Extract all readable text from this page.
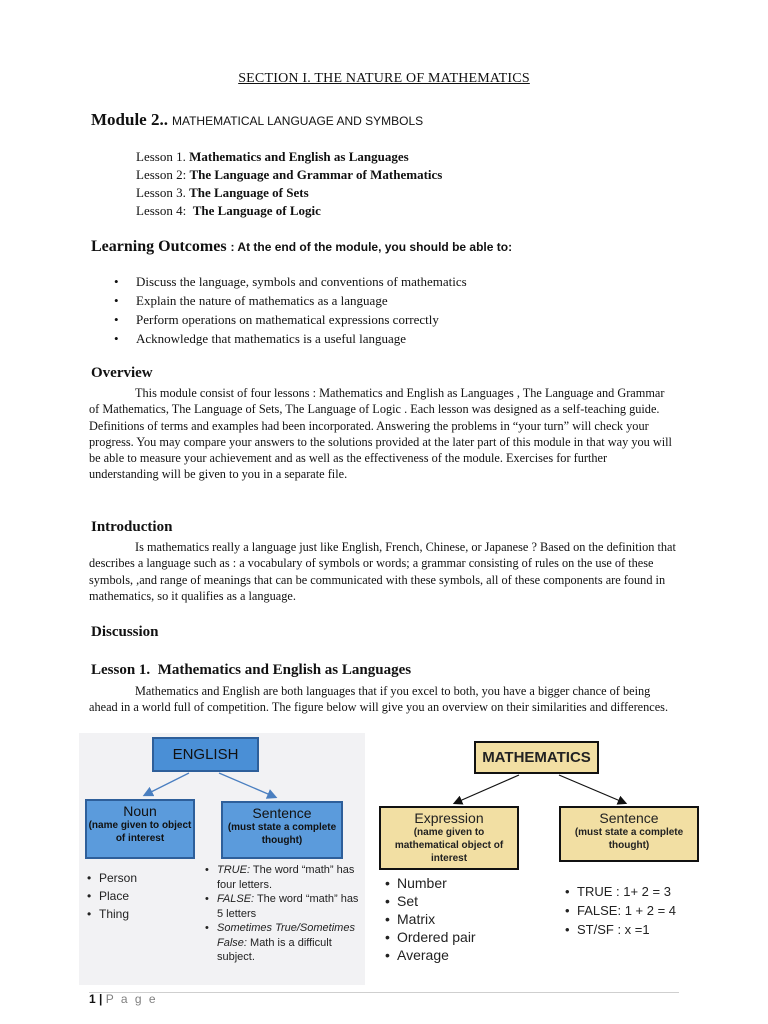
SECTION I. THE NATURE OF MATHEMATICS
Module 2.. MATHEMATICAL LANGUAGE AND SYMBOLS
Lesson 1. Mathematics and English as Languages
Lesson 2: The Language and Grammar of Mathematics
Lesson 3. The Language of Sets
Lesson 4: The Language of Logic
Learning Outcomes : At the end of the module, you should be able to:
• Discuss the language, symbols and conventions of mathematics
• Explain the nature of mathematics as a language
• Perform operations on mathematical expressions correctly
• Acknowledge that mathematics is a useful language
Overview
This module consist of four lessons : Mathematics and English as Languages , The Language and Grammar of Mathematics, The Language of Sets, The Language of Logic . Each lesson was designed as a self-teaching guide. Definitions of terms and examples had been incorporated. Answering the problems in “your turn” will check your progress. You may compare your answers to the solutions provided at the later part of this module in that way you will be able to measure your achievement and as well as the effectiveness of the module. Exercises for further understanding will be given to you in a separate file.
Introduction
Is mathematics really a language just like English, French, Chinese, or Japanese ? Based on the definition that describes a language such as : a vocabulary of symbols or words; a grammar consisting of rules on the use of these symbols, ,and range of meanings that can be communicated with these symbols, all of these components are found in mathematics, so it qualifies as a language.
Discussion
Lesson 1. Mathematics and English as Languages
Mathematics and English are both languages that if you excel to both, you have a bigger chance of being ahead in a world full of competition. The figure below will give you an overview on their similarities and differences.
ENGLISH
Noun
(name given to object of interest
Sentence
(must state a complete thought)
• Person
• Place
• Thing
• TRUE: The word “math” has four letters.
• FALSE: The word “math” has 5 letters
• Sometimes True/Sometimes False: Math is a difficult subject.
MATHEMATICS
Expression
(name given to mathematical object of interest
Sentence
(must state a complete thought)
• Number
• Set
• Matrix
• Ordered pair
• Average
• TRUE : 1+ 2 = 3
• FALSE: 1 + 2 = 4
• ST/SF : x =1
1 | P a g e
